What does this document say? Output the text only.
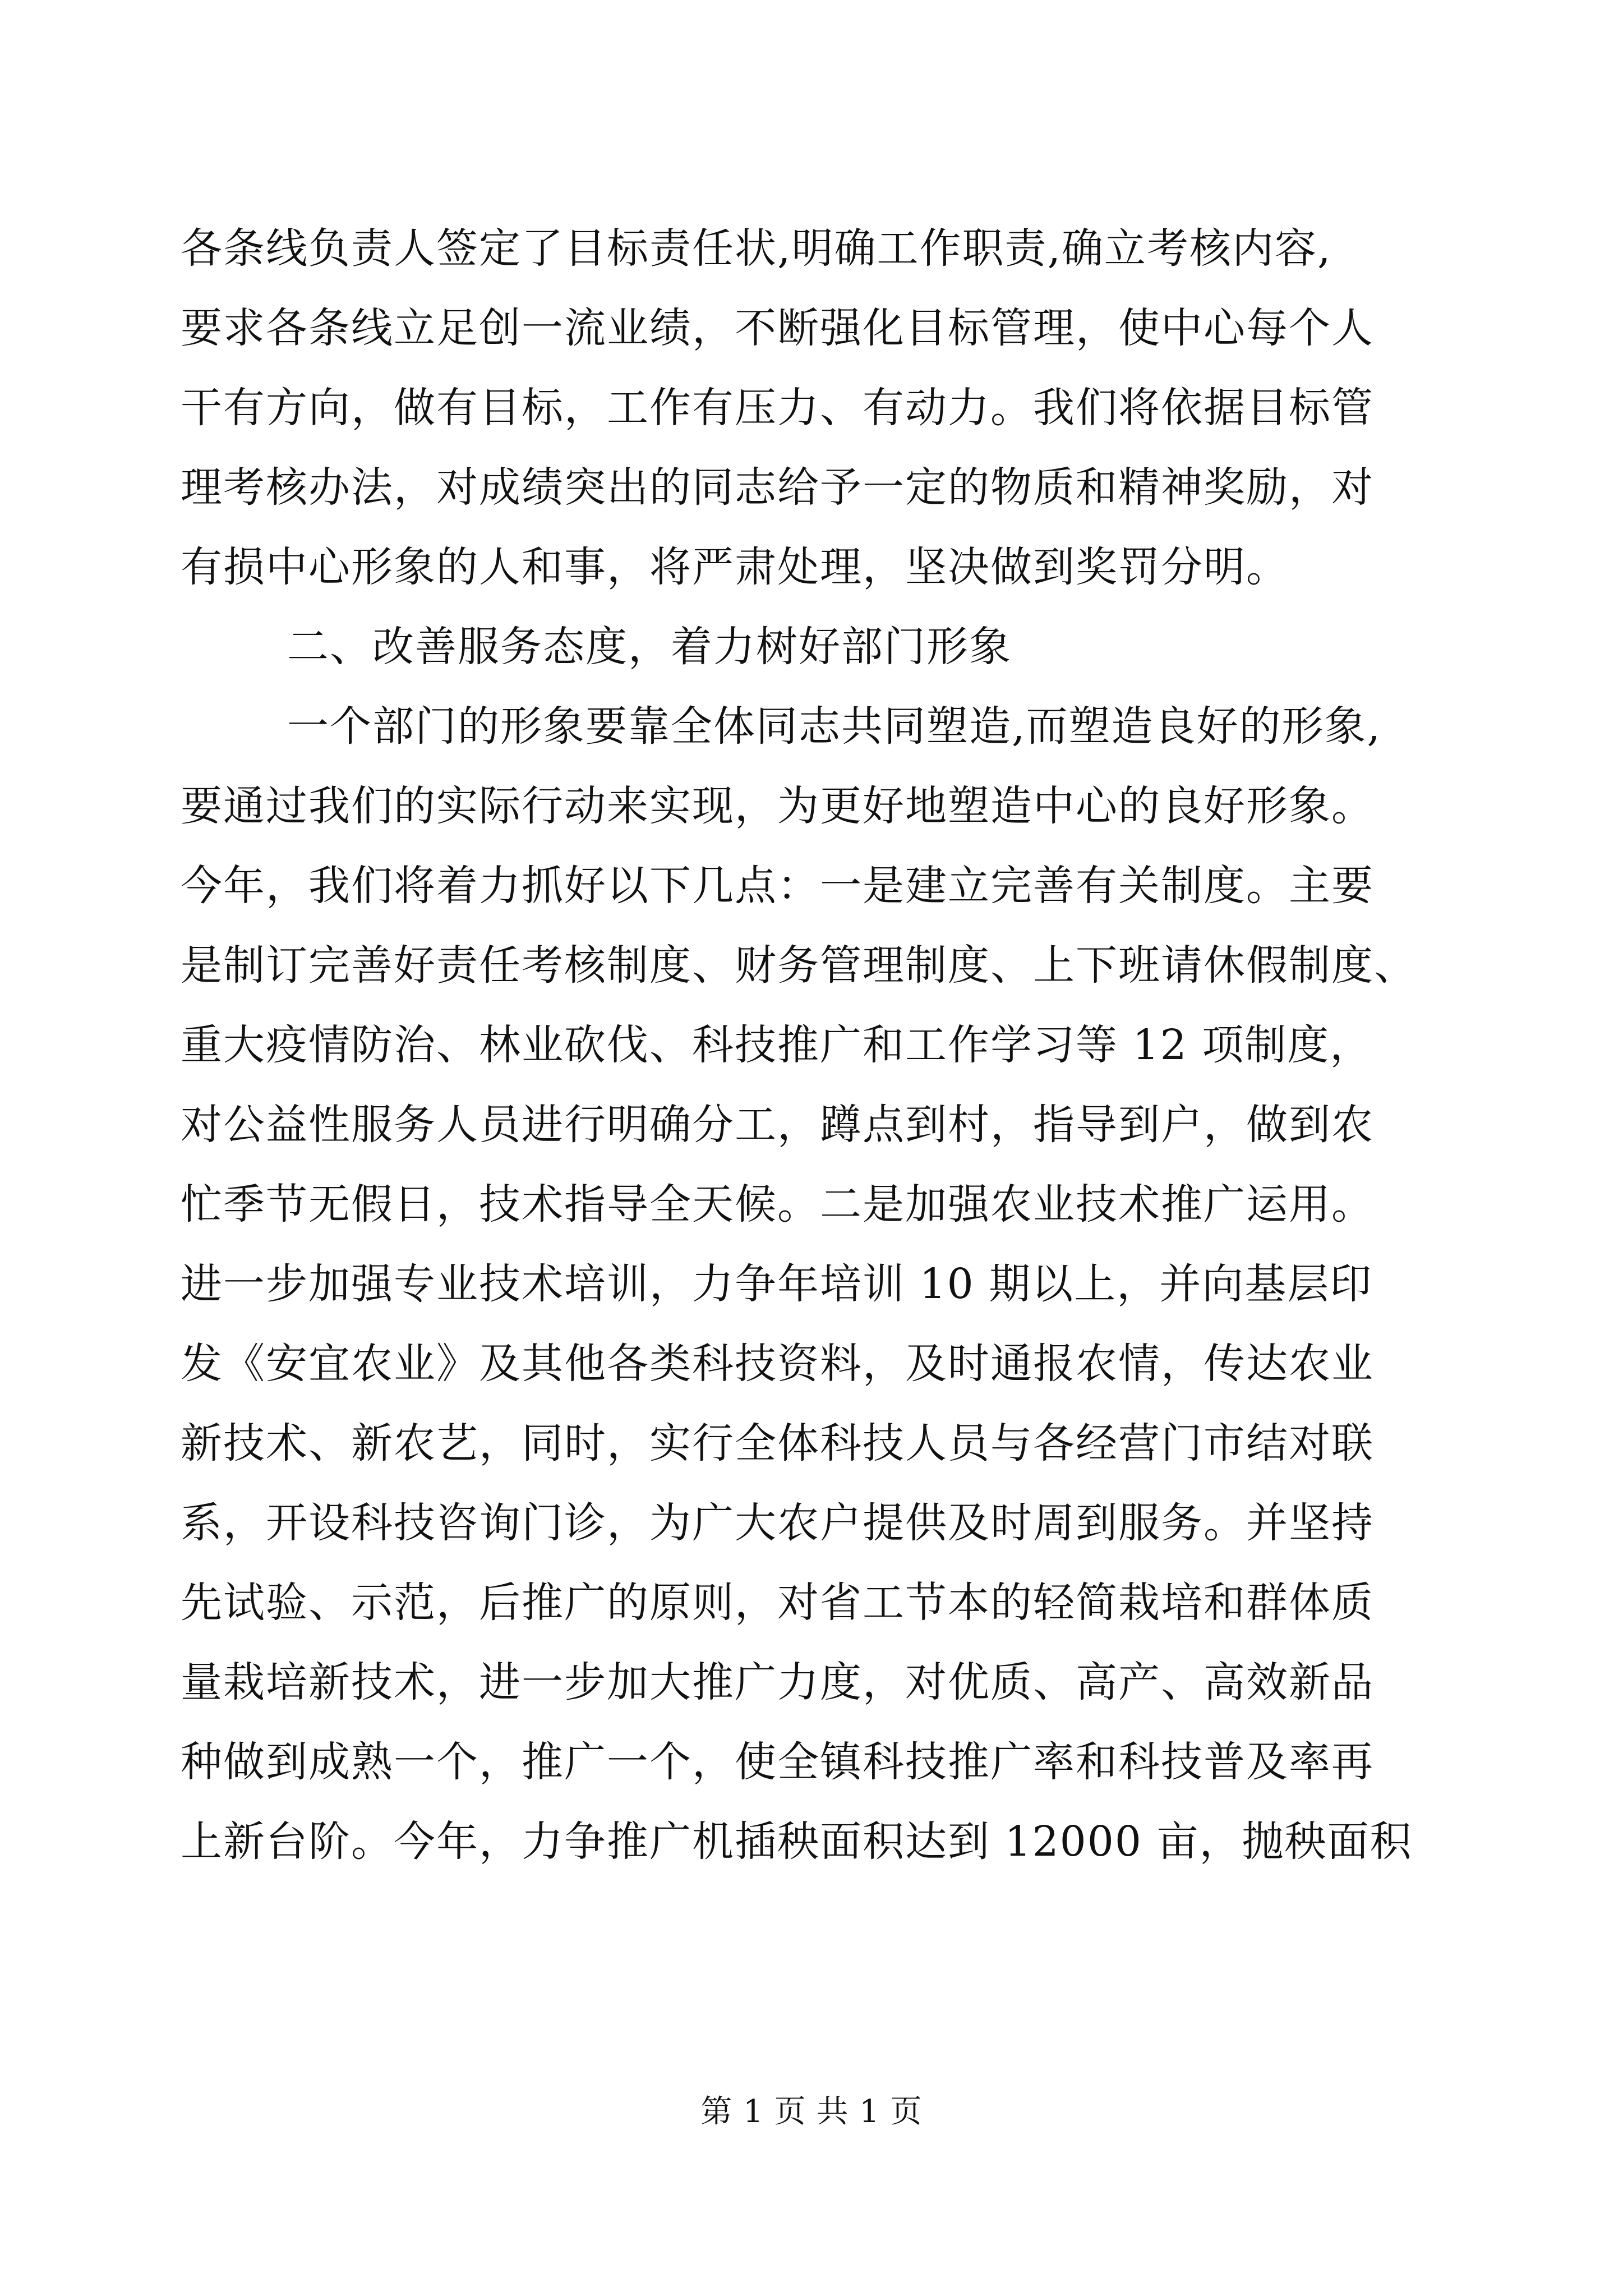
各条线负责人签定了目标责任状,明确工作职责,确立考核内容,
要求各条线立足创一流业绩，不断强化目标管理，使中心每个人
干有方向，做有目标，工作有压力、有动力。我们将依据目标管
理考核办法，对成绩突出的同志给予一定的物质和精神奖励，对
有损中心形象的人和事，将严肃处理，坚决做到奖罚分明。
二、改善服务态度，着力树好部门形象
一个部门的形象要靠全体同志共同塑造,而塑造良好的形象,
要通过我们的实际行动来实现，为更好地塑造中心的良好形象。
今年，我们将着力抓好以下几点：一是建立完善有关制度。主要
是制订完善好责任考核制度、财务管理制度、上下班请休假制度、
重大疫情防治、林业砍伐、科技推广和工作学习等 12 项制度，
对公益性服务人员进行明确分工，蹲点到村，指导到户，做到农
忙季节无假日，技术指导全天候。二是加强农业技术推广运用。
进一步加强专业技术培训，力争年培训 10 期以上，并向基层印
发《安宜农业》及其他各类科技资料，及时通报农情，传达农业
新技术、新农艺，同时，实行全体科技人员与各经营门市结对联
系，开设科技咨询门诊，为广大农户提供及时周到服务。并坚持
先试验、示范，后推广的原则，对省工节本的轻简栽培和群体质
量栽培新技术，进一步加大推广力度，对优质、高产、高效新品
种做到成熟一个，推广一个，使全镇科技推广率和科技普及率再
上新台阶。今年，力争推广机插秧面积达到 12000 亩，抛秧面积
第 1 页 共 1 页
